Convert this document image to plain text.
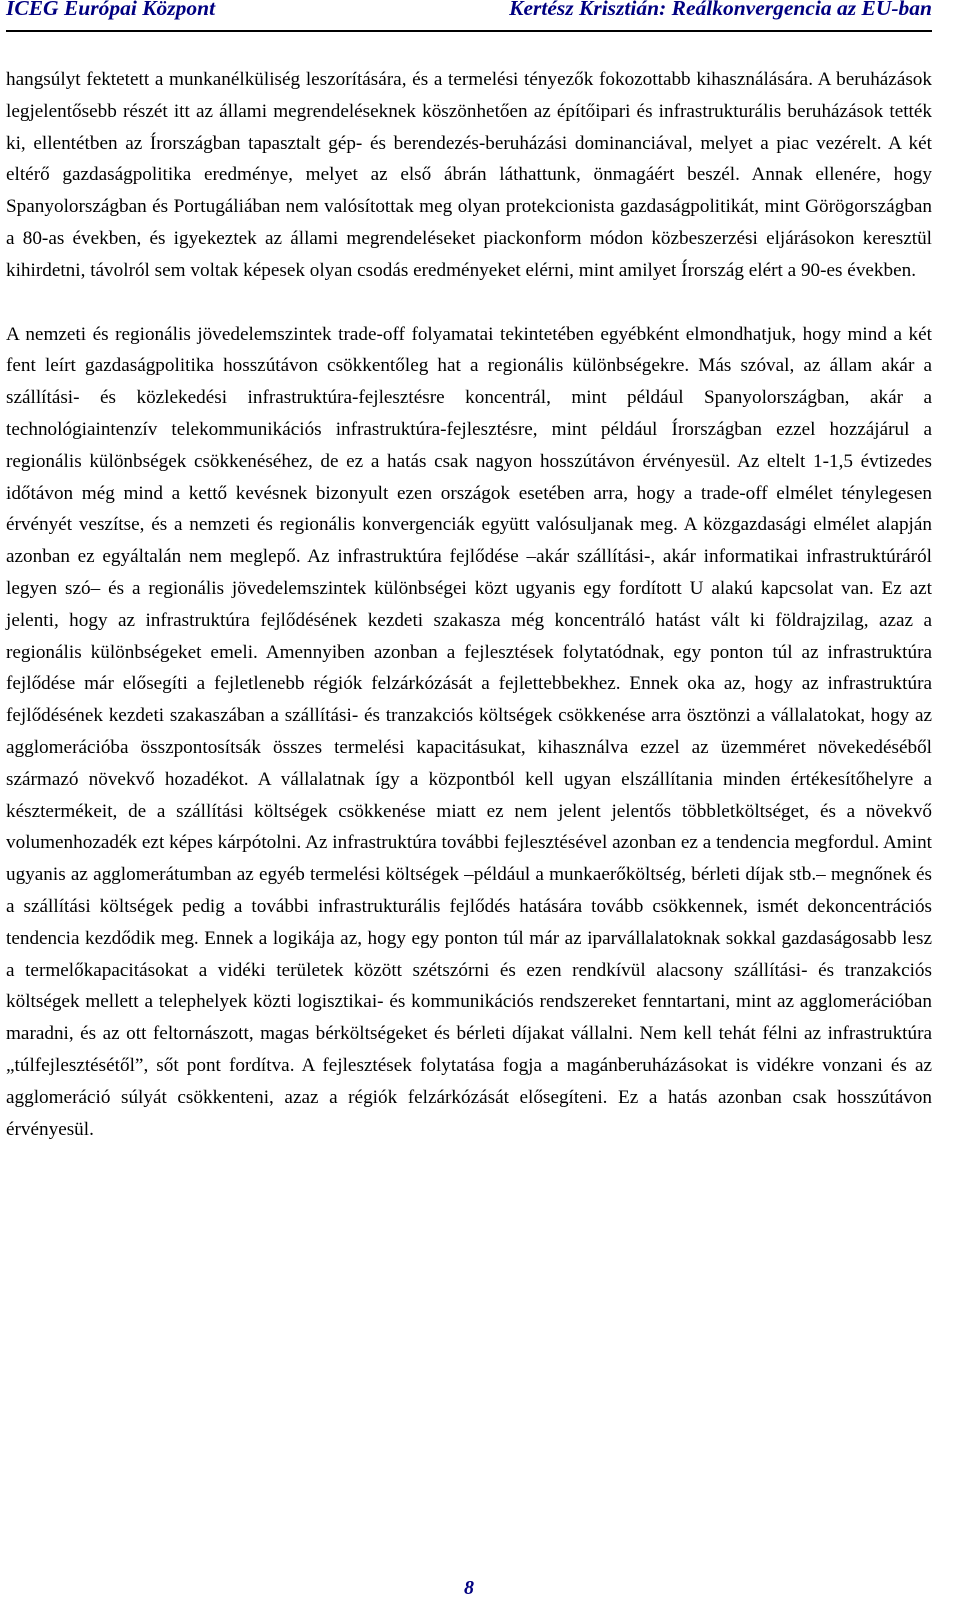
ICEG Európai Központ	Kertész Krisztián: Reálkonvergencia az EU-ban

hangsúlyt fektetett a munkanélküliség leszorítására, és a termelési tényezők fokozottabb kihasználására. A beruházások legjelentősebb részét itt az állami megrendeléseknek köszönhetően az építőipari és infrastrukturális beruházások tették ki, ellentétben az Írországban tapasztalt gép- és berendezés-beruházási dominanciával, melyet a piac vezérelt. A két eltérő gazdaságpolitika eredménye, melyet az első ábrán láthattunk, önmagáért beszél. Annak ellenére, hogy Spanyolországban és Portugáliában nem valósítottak meg olyan protekcionista gazdaságpolitikát, mint Görögországban a 80-as években, és igyekeztek az állami megrendeléseket piackonform módon közbeszerzési eljárásokon keresztül kihirdetni, távolról sem voltak képesek olyan csodás eredményeket elérni, mint amilyet Írország elért a 90-es években.

A nemzeti és regionális jövedelemszintek trade-off folyamatai tekintetében egyébként elmondhatjuk, hogy mind a két fent leírt gazdaságpolitika hosszútávon csökkentőleg hat a regionális különbségekre. Más szóval, az állam akár a szállítási- és közlekedési infrastruktúra-fejlesztésre koncentrál, mint például Spanyolországban, akár a technológiaintenzív telekommunikációs infrastruktúra-fejlesztésre, mint például Írországban ezzel hozzájárul a regionális különbségek csökkenéséhez, de ez a hatás csak nagyon hosszútávon érvényesül. Az eltelt 1-1,5 évtizedes időtávon még mind a kettő kevésnek bizonyult ezen országok esetében arra, hogy a trade-off elmélet ténylegesen érvényét veszítse, és a nemzeti és regionális konvergenciák együtt valósuljanak meg. A közgazdasági elmélet alapján azonban ez egyáltalán nem meglepő. Az infrastruktúra fejlődése –akár szállítási-, akár informatikai infrastruktúráról legyen szó– és a regionális jövedelemszintek különbségei közt ugyanis egy fordított U alakú kapcsolat van. Ez azt jelenti, hogy az infrastruktúra fejlődésének kezdeti szakasza még koncentráló hatást vált ki földrajzilag, azaz a regionális különbségeket emeli. Amennyiben azonban a fejlesztések folytatódnak, egy ponton túl az infrastruktúra fejlődése már elősegíti a fejletlenebb régiók felzárkózását a fejlettebbekhez. Ennek oka az, hogy az infrastruktúra fejlődésének kezdeti szakaszában a szállítási- és tranzakciós költségek csökkenése arra ösztönzi a vállalatokat, hogy az agglomerációba összpontosítsák összes termelési kapacitásukat, kihasználva ezzel az üzemméret növekedéséből származó növekvő hozadékot. A vállalatnak így a központból kell ugyan elszállítania minden értékesítőhelyre a késztermékeit, de a szállítási költségek csökkenése miatt ez nem jelent jelentős többletköltséget, és a növekvő volumenhozadék ezt képes kárpótolni. Az infrastruktúra további fejlesztésével azonban ez a tendencia megfordul. Amint ugyanis az agglomerátumban az egyéb termelési költségek –például a munkaerőköltség, bérleti díjak stb.– megnőnek és a szállítási költségek pedig a további infrastrukturális fejlődés hatására tovább csökkennek, ismét dekoncentrációs tendencia kezdődik meg. Ennek a logikája az, hogy egy ponton túl már az iparvállalatoknak sokkal gazdaságosabb lesz a termelőkapacitásokat a vidéki területek között szétszórni és ezen rendkívül alacsony szállítási- és tranzakciós költségek mellett a telephelyek közti logisztikai- és kommunikációs rendszereket fenntartani, mint az agglomerációban maradni, és az ott feltornászott, magas bérköltségeket és bérleti díjakat vállalni. Nem kell tehát félni az infrastruktúra „túlfejlesztésétől”, sőt pont fordítva. A fejlesztések folytatása fogja a magánberuházásokat is vidékre vonzani és az agglomeráció súlyát csökkenteni, azaz a régiók felzárkózását elősegíteni. Ez a hatás azonban csak hosszútávon érvényesül.

8
